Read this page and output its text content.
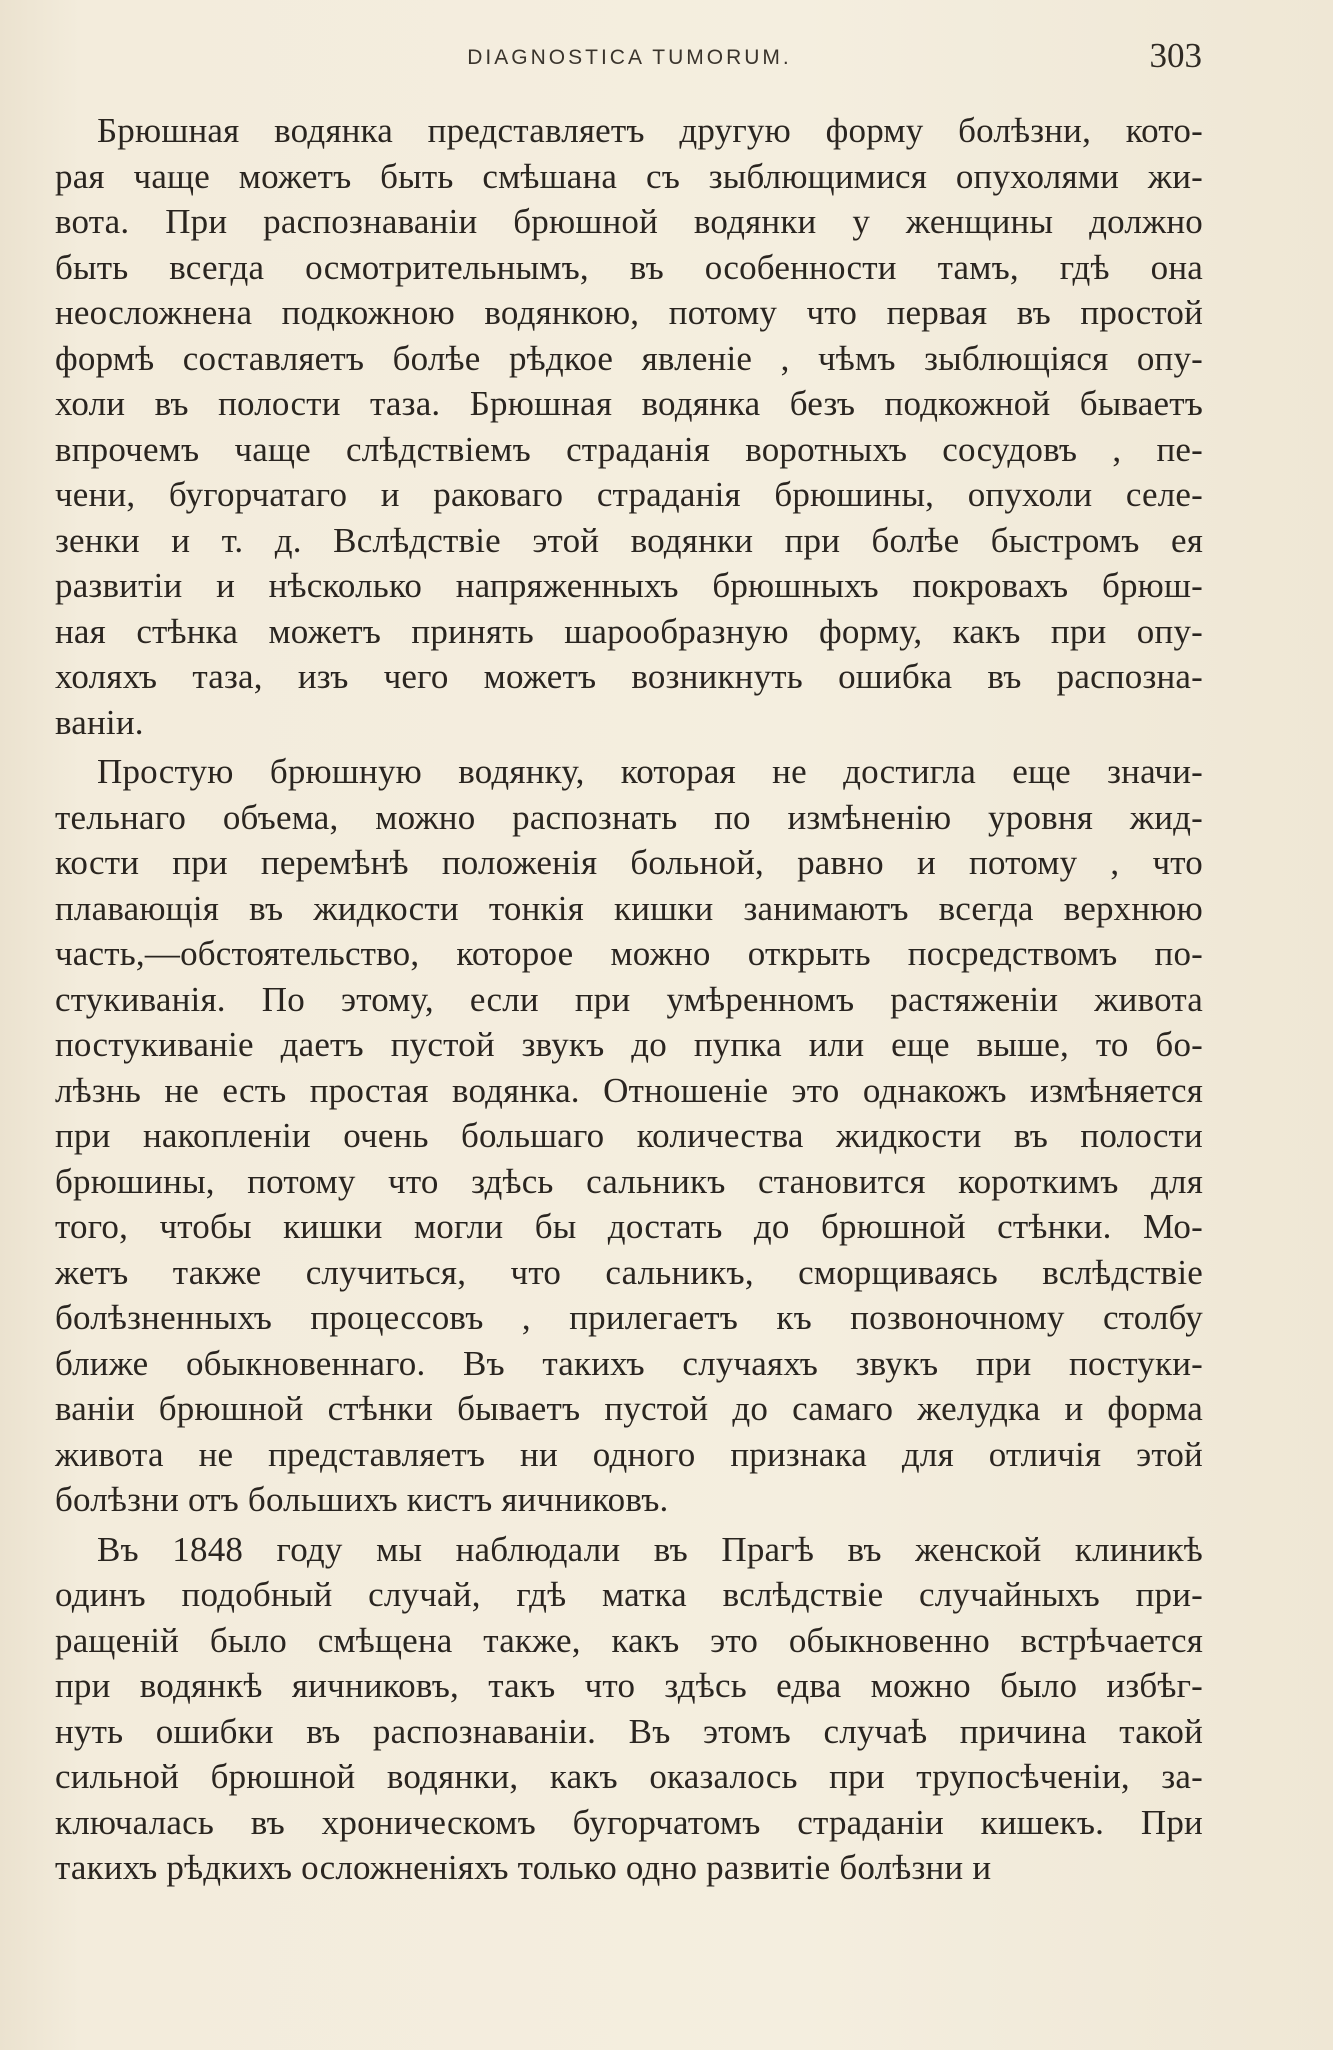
DIAGNOSTICA TUMORUM.	303
Брюшная водянка представляетъ другую форму болѣзни, кото-
рая чаще можетъ быть смѣшана съ зыблющимися опухолями жи-
вота. При распознаваніи брюшной водянки у женщины должно
быть всегда осмотрительнымъ, въ особенности тамъ, гдѣ она
неосложнена подкожною водянкою, потому что первая въ простой
формѣ составляетъ болѣе рѣдкое явленіе , чѣмъ зыблющіяся опу-
холи въ полости таза. Брюшная водянка безъ подкожной бываетъ
впрочемъ чаще слѣдствіемъ страданія воротныхъ сосудовъ , пе-
чени, бугорчатаго и раковаго страданія брюшины, опухоли селе-
зенки и т. д. Вслѣдствіе этой водянки при болѣе быстромъ ея
развитіи и нѣсколько напряженныхъ брюшныхъ покровахъ брюш-
ная стѣнка можетъ принять шарообразную форму, какъ при опу-
холяхъ таза, изъ чего можетъ возникнуть ошибка въ распозна-
ваніи.
Простую брюшную водянку, которая не достигла еще значи-
тельнаго объема, можно распознать по измѣненію уровня жид-
кости при перемѣнѣ положенія больной, равно и потому , что
плавающія въ жидкости тонкія кишки занимаютъ всегда верхнюю
часть,—обстоятельство, которое можно открыть посредствомъ по-
стукиванія. По этому, если при умѣренномъ растяженіи живота
постукиваніе даетъ пустой звукъ до пупка или еще выше, то бо-
лѣзнь не есть простая водянка. Отношеніе это однакожъ измѣняется
при накопленіи очень большаго количества жидкости въ полости
брюшины, потому что здѣсь сальникъ становится короткимъ для
того, чтобы кишки могли бы достать до брюшной стѣнки. Мо-
жетъ также случиться, что сальникъ, сморщиваясь вслѣдствіе
болѣзненныхъ процессовъ , прилегаетъ къ позвоночному столбу
ближе обыкновеннаго. Въ такихъ случаяхъ звукъ при постуки-
ваніи брюшной стѣнки бываетъ пустой до самаго желудка и форма
живота не представляетъ ни одного признака для отличія этой
болѣзни отъ большихъ кистъ яичниковъ.
Въ 1848 году мы наблюдали въ Прагѣ въ женской клиникѣ
одинъ подобный случай, гдѣ матка вслѣдствіе случайныхъ при-
ращеній было смѣщена также, какъ это обыкновенно встрѣчается
при водянкѣ яичниковъ, такъ что здѣсь едва можно было избѣг-
нуть ошибки въ распознаваніи. Въ этомъ случаѣ причина такой
сильной брюшной водянки, какъ оказалось при трупосѣченіи, за-
ключалась въ хроническомъ бугорчатомъ страданіи кишекъ. При
такихъ рѣдкихъ осложненіяхъ только одно развитіе болѣзни и
